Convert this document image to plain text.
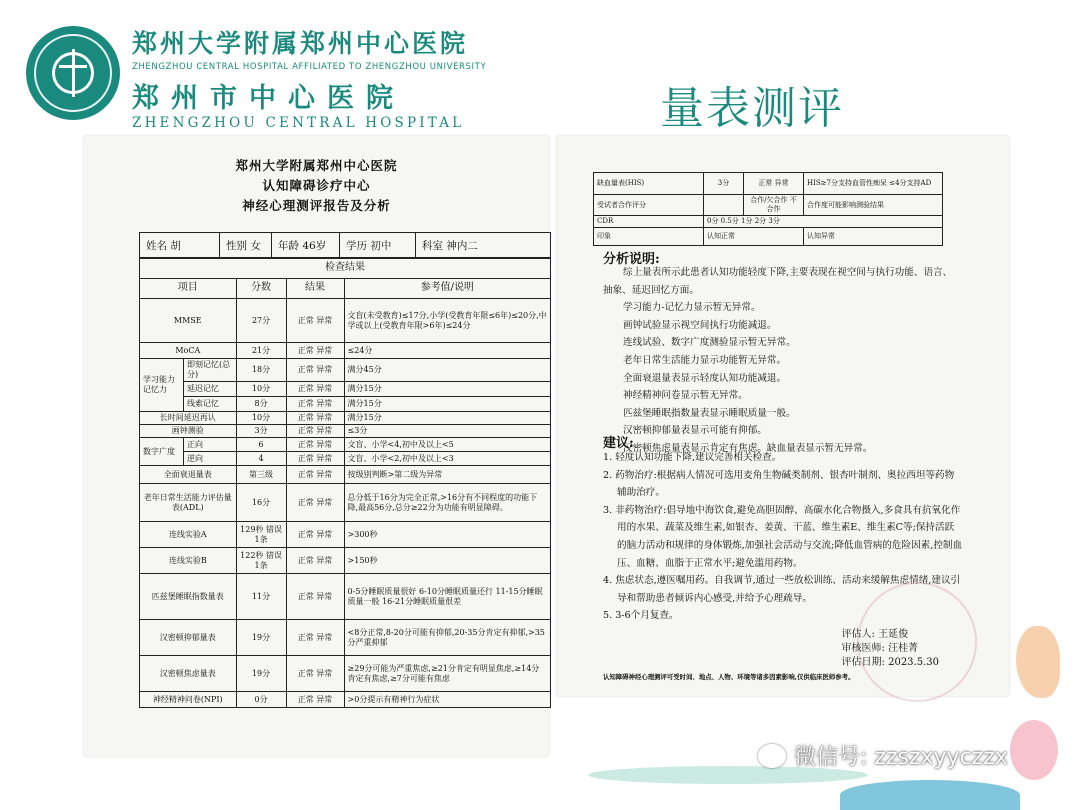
郑州大学附属郑州中心医院
ZHENGZHOU CENTRAL HOSPITAL AFFILIATED TO ZHENGZHOU UNIVERSITY
郑州市中心医院
ZHENGZHOU CENTRAL HOSPITAL	量表测评
郑州大学附属郑州中心医院
认知障碍诊疗中心
神经心理测评报告及分析
姓名 胡	性别 女	年龄 46岁	学历 初中	科室 神内二
检查结果				
项目		分数	结果	参考值/说明
MMSE		27分	正常 异常	文盲(未受教育)≤17分,小学(受教育年限≤6年)≤20分,中学或以上(受教育年限>6年)≤24分
MoCA		21分	正常 异常	≤24分
学习能力记忆力	即刻记忆(总分)	18分	正常 异常	满分45分
	延迟记忆	10分	正常 异常	满分15分
	线索记忆	8分	正常 异常	满分15分
长时间延迟再认		10分	正常 异常	满分15分
画钟测验		3分	正常 异常	≤3分
数字广度	正向	6	正常 异常	文盲、小学<4,初中及以上<5
	逆向	4	正常 异常	文盲、小学<2,初中及以上<3
全面衰退量表		第三级	正常 异常	按级别判断>第二级为异常
老年日常生活能力评估量表(ADL)		16分	正常 异常	总分低于16分为完全正常,>16分有不同程度的功能下降,最高56分,总分≥22分为功能有明显障碍。
连线实验A		129秒 错误1条	正常 异常	>300秒
连线实验B		122秒 错误1条	正常 异常	>150秒
匹兹堡睡眠指数量表		11分	正常 异常	0-5分睡眠质量很好 6-10分睡眠质量还行 11-15分睡眠质量一般 16-21分睡眠质量很差
汉密顿抑郁量表		19分	正常 异常	<8分正常,8-20分可能有抑郁,20-35分肯定有抑郁,>35分严重抑郁
汉密顿焦虑量表		19分	正常 异常	≥29分可能为严重焦虑,≥21分肯定有明显焦虑,≥14分肯定有焦虑,≥7分可能有焦虑
神经精神问卷(NPI)		0分	正常 异常	>0分提示有精神行为症状
缺血量表(HIS)	3分	正常 异常	HIS≥7分支持血管性痴呆 ≤4分支持AD
受试者合作评分		合作/欠合作 不合作	合作度可能影响测验结果
CDR	0分 0.5分 1分 2分 3分		
印象	认知正常		认知异常
分析说明:
综上量表所示此患者认知功能轻度下降,主要表现在视空间与执行功能、语言、抽象、延迟回忆方面。
学习能力-记忆力显示暂无异常。
画钟试验显示视空间执行功能减退。
连线试验、数字广度测验显示暂无异常。
老年日常生活能力显示功能暂无异常。
全面衰退量表显示轻度认知功能减退。
神经精神问卷显示暂无异常。
匹兹堡睡眠指数量表显示睡眠质量一般。
汉密顿抑郁量表显示可能有抑郁。
汉密顿焦虑量表显示肯定有焦虑。缺血量表显示暂无异常。
建议:
1. 轻度认知功能下降,建议完善相关检查。
2. 药物治疗:根据病人情况可选用麦角生物碱类制剂、银杏叶制剂、奥拉西坦等药物辅助治疗。
3. 非药物治疗:倡导地中海饮食,避免高胆固醇、高碳水化合物摄入,多食具有抗氧化作用的水果、蔬菜及维生素,如银杏、姜黄、干蓝、维生素E、维生素C等;保持活跃的脑力活动和规律的身体锻炼,加强社会活动与交流;降低血管病的危险因素,控制血压、血糖、血脂于正常水平;避免滥用药物。
4. 焦虑状态,遵医嘱用药。自我调节,通过一些放松训练、活动来缓解焦虑情绪,建议引导和帮助患者倾诉内心感受,并给予心理疏导。
5. 3-6个月复查。
评估人: 王延俊
审核医师: 汪桂菁
评估日期: 2023.5.30
认知障碍神经心理测评可受时间、地点、人物、环境等诸多因素影响,仅供临床医师参考。
微信号: zzszxyyczzx
